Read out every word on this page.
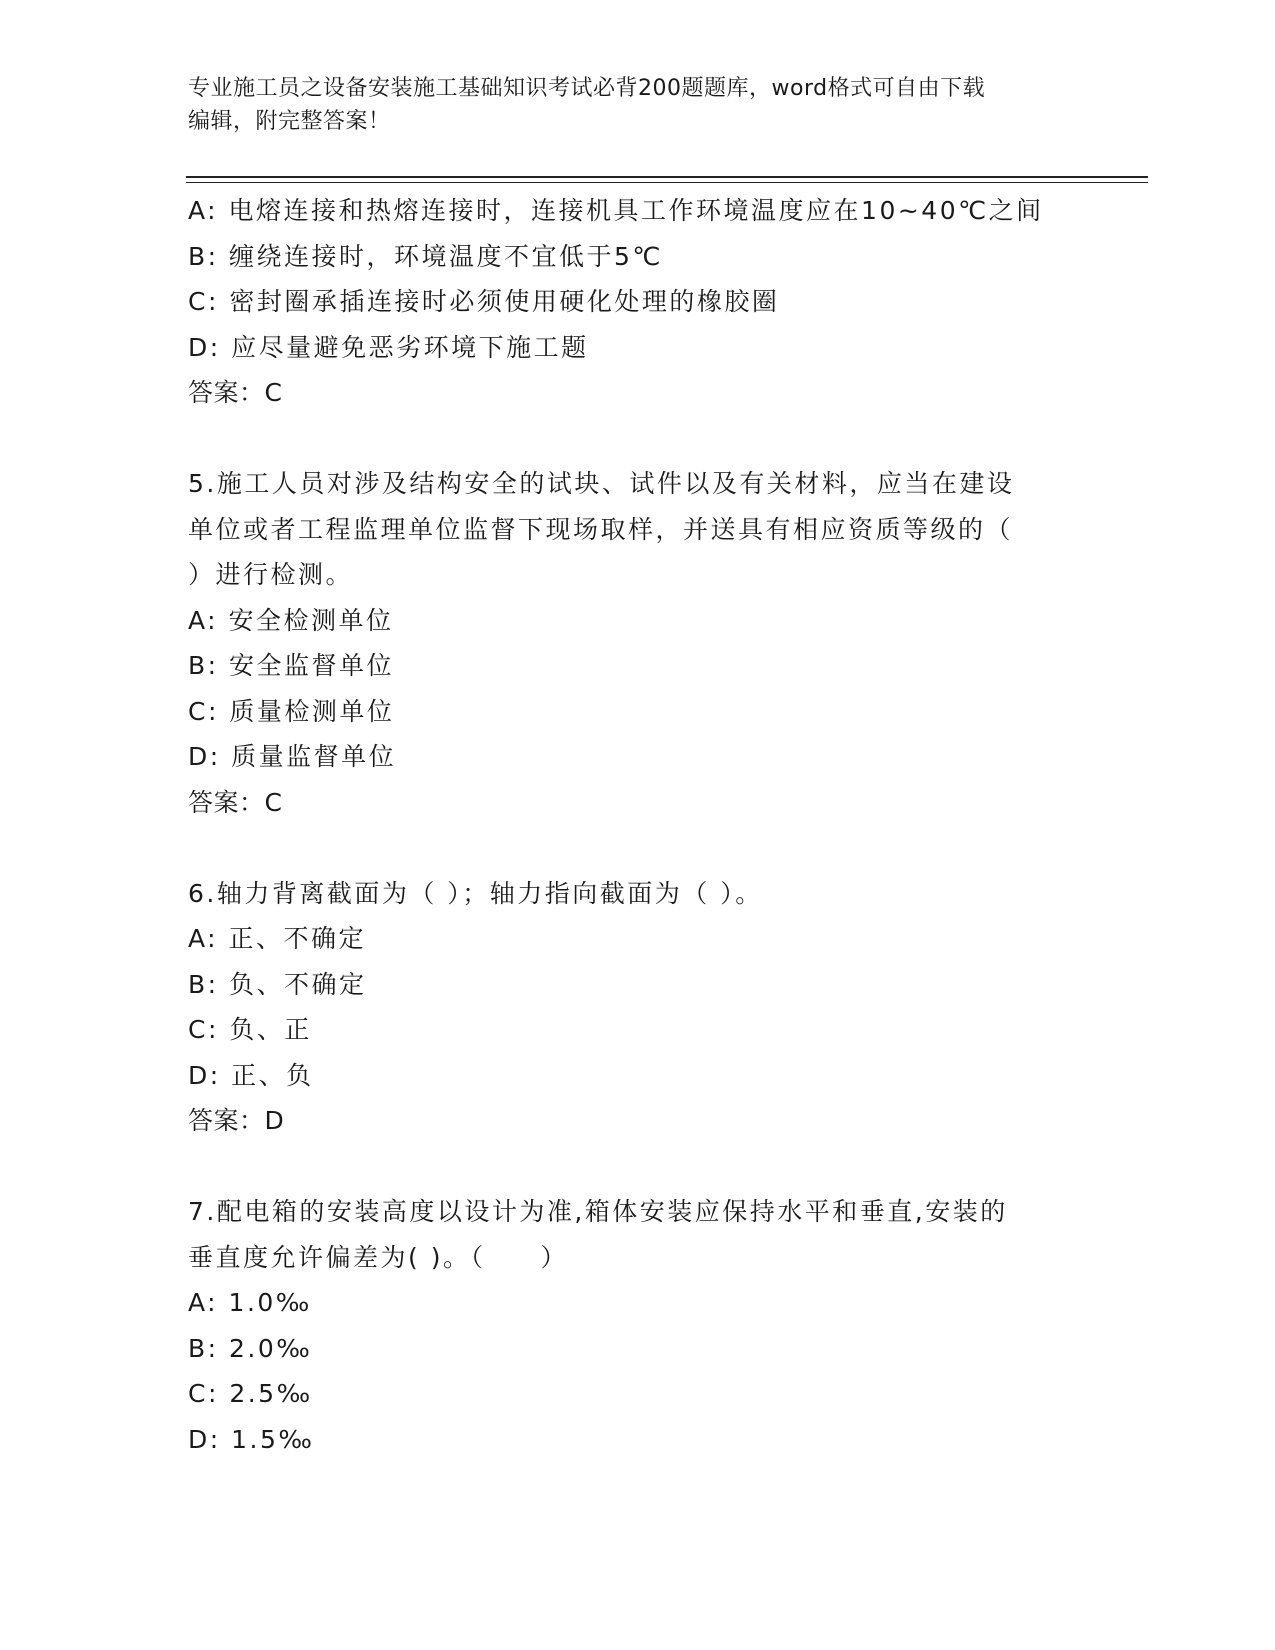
专业施工员之设备安装施工基础知识考试必背200题题库，word格式可自由下载
编辑，附完整答案！
A: 电熔连接和热熔连接时，连接机具工作环境温度应在10~40℃之间
B: 缠绕连接时，环境温度不宜低于5℃
C: 密封圈承插连接时必须使用硬化处理的橡胶圈
D: 应尽量避免恶劣环境下施工题
答案：C
5.施工人员对涉及结构安全的试块、试件以及有关材料，应当在建设
单位或者工程监理单位监督下现场取样，并送具有相应资质等级的（
）进行检测。
A: 安全检测单位
B: 安全监督单位
C: 质量检测单位
D: 质量监督单位
答案：C
6.轴力背离截面为（ ）；轴力指向截面为（ ）。
A: 正、不确定
B: 负、不确定
C: 负、正
D: 正、负
答案：D
7.配电箱的安装高度以设计为准,箱体安装应保持水平和垂直,安装的
垂直度允许偏差为( )。（　　）
A: 1.0‰
B: 2.0‰
C: 2.5‰
D: 1.5‰
